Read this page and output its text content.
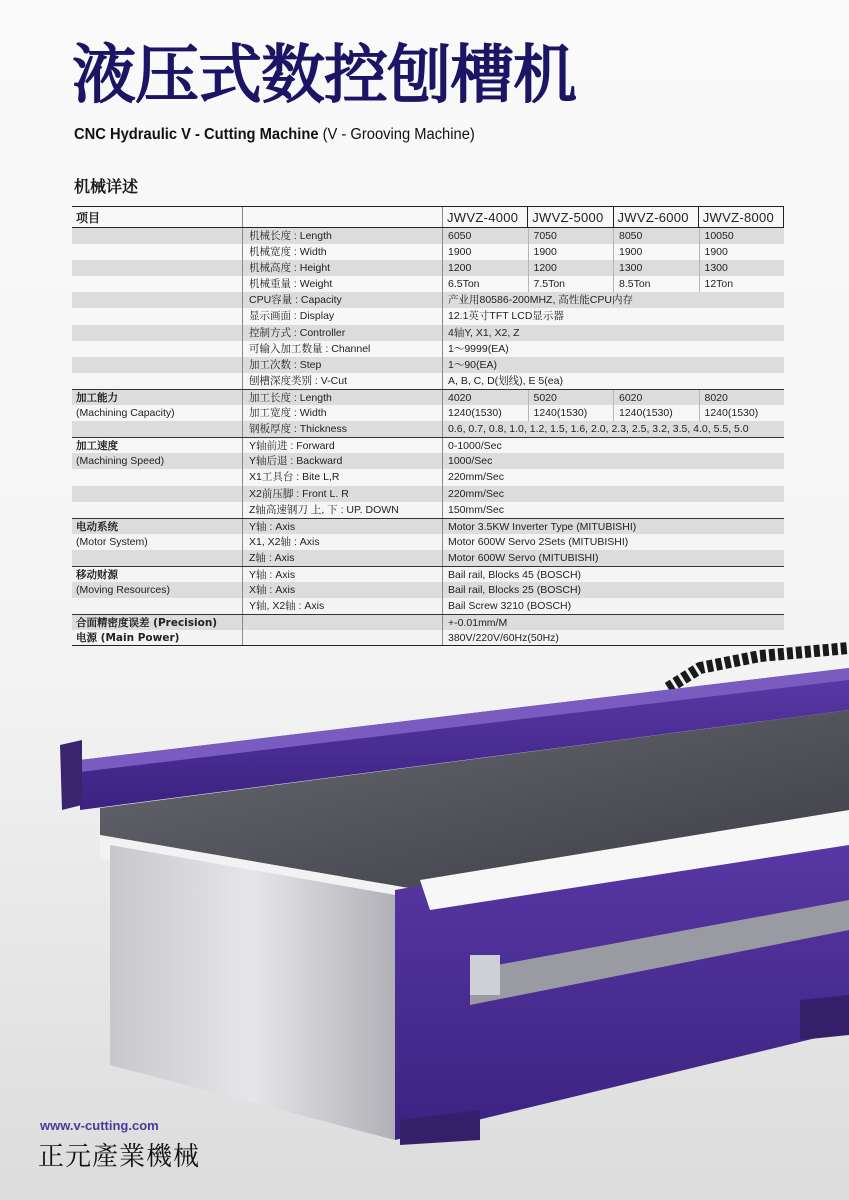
液压式数控刨槽机
CNC Hydraulic V - Cutting Machine (V - Grooving Machine)
机械详述
项目	JWVZ-4000	JWVZ-5000	JWVZ-6000	JWVZ-8000
机械长度 : Length	6050	7050	8050	10050
机械宽度 : Width	1900	1900	1900	1900
机械高度 : Height	1200	1200	1300	1300
机械重量 : Weight	6.5Ton	7.5Ton	8.5Ton	12Ton
CPU容量 : Capacity	产业用80586-200MHZ, 高性能CPU内存
显示画面 : Display	12.1英寸TFT LCD显示器
控制方式 : Controller	4轴Y, X1, X2, Z
可输入加工数量 : Channel	1～9999(EA)
加工次数 : Step	1～90(EA)
刨槽深度类别 : V-Cut	A, B, C, D(划线), E 5(ea)
加工能力	加工长度 : Length	4020	5020	6020	8020
(Machining Capacity)	加工宽度 : Width	1240(1530)	1240(1530)	1240(1530)	1240(1530)
钢板厚度 : Thickness	0.6, 0.7, 0.8, 1.0, 1.2, 1.5, 1.6, 2.0, 2.3, 2.5, 3.2, 3.5, 4.0, 5.5, 5.0
加工速度	Y轴前进 : Forward	0-1000/Sec
(Machining Speed)	Y轴后退 : Backward	1000/Sec
X1工具台 : Bite L,R	220mm/Sec
X2前压脚 : Front L. R	220mm/Sec
Z轴高速钢刀 上, 下 : UP. DOWN	150mm/Sec
电动系统	Y轴 : Axis	Motor 3.5KW Inverter Type (MITUBISHI)
(Motor System)	X1, X2轴 : Axis	Motor 600W Servo 2Sets (MITUBISHI)
Z轴 : Axis	Motor 600W Servo (MITUBISHI)
移动财源	Y轴 : Axis	Bail rail, Blocks 45 (BOSCH)
(Moving Resources)	X轴 : Axis	Bail rail, Blocks 25 (BOSCH)
Y轴, X2轴 : Axis	Bail Screw 3210 (BOSCH)
合面精密度误差 (Precision)	+-0.01mm/M
电源 (Main Power)	380V/220V/60Hz(50Hz)
www.v-cutting.com
正元產業機械
